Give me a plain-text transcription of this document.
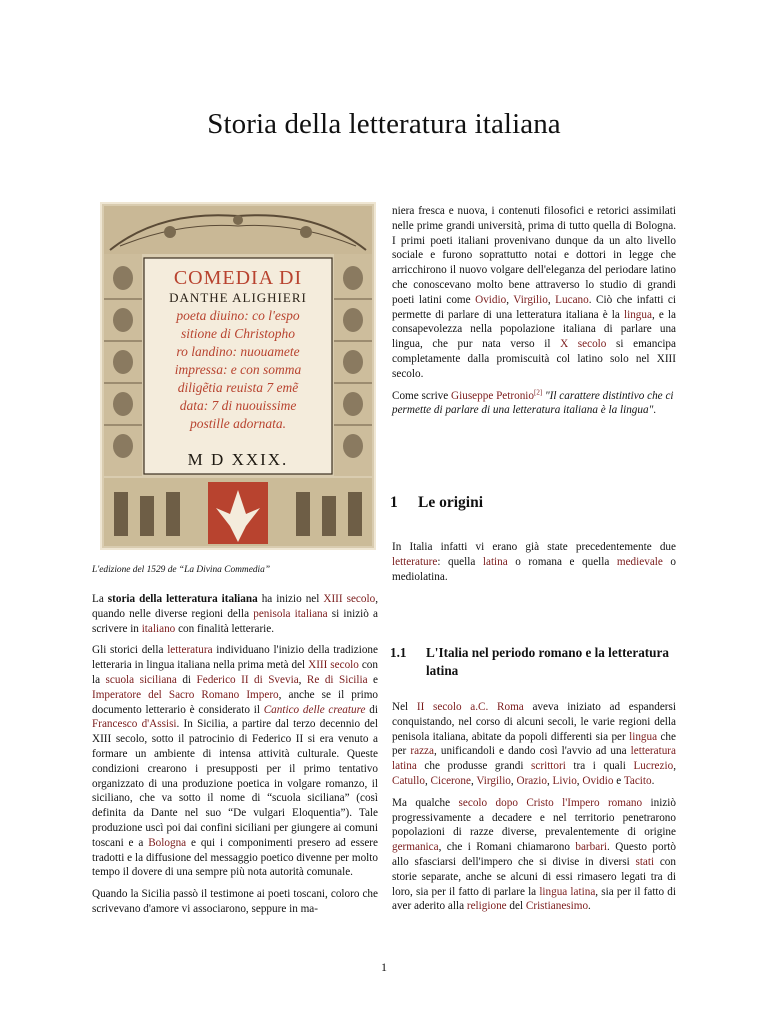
Storia della letteratura italiana
COMEDIA DI
DANTHE ALIGHIERI
poeta diuino: co l'espo
sitione di Christopho
ro landino: nuouamete
impressa: e con somma
diligẽtia reuista 7 emẽ
data: 7 di nuouissime
postille adornata.
M D XXIX.
L'edizione del 1529 de “La Divina Commedia”

La storia della letteratura italiana ha inizio nel XIII secolo, quando nelle diverse regioni della penisola italiana si iniziò a scrivere in italiano con finalità letterarie.

Gli storici della letteratura individuano l'inizio della tradizione letteraria in lingua italiana nella prima metà del XIII secolo con la scuola siciliana di Federico II di Svevia, Re di Sicilia e Imperatore del Sacro Romano Impero, anche se il primo documento letterario è considerato il Cantico delle creature di Francesco d'Assisi. In Sicilia, a partire dal terzo decennio del XIII secolo, sotto il patrocinio di Federico II si era venuto a formare un ambiente di intensa attività culturale. Queste condizioni crearono i presupposti per il primo tentativo organizzato di una produzione poetica in volgare romanzo, il siciliano, che va sotto il nome di “scuola siciliana” (così definita da Dante nel suo “De vulgari Eloquentia”). Tale produzione uscì poi dai confini siciliani per giungere ai comuni toscani e a Bologna e qui i componimenti presero ad essere tradotti e la diffusione del messaggio poetico divenne per molto tempo il dovere di una sempre più nota autorità comunale.

Quando la Sicilia passò il testimone ai poeti toscani, coloro che scrivevano d'amore vi associarono, seppure in ma-

niera fresca e nuova, i contenuti filosofici e retorici assimilati nelle prime grandi università, prima di tutto quella di Bologna. I primi poeti italiani provenivano dunque da un alto livello sociale e furono soprattutto notai e dottori in legge che arricchirono il nuovo volgare dell'eleganza del periodare latino che conoscevano molto bene attraverso lo studio di grandi poeti latini come Ovidio, Virgilio, Lucano. Ciò che infatti ci permette di parlare di una letteratura italiana è la lingua, e la consapevolezza nella popolazione italiana di parlare una lingua, che pur nata verso il X secolo si emancipa completamente dalla promiscuità col latino solo nel XIII secolo.

Come scrive Giuseppe Petronio[2] "Il carattere distintivo che ci permette di parlare di una letteratura italiana è la lingua".

1 Le origini

In Italia infatti vi erano già state precedentemente due letterature: quella latina o romana e quella medievale o mediolatina.

1.1	L'Italia nel periodo romano e la letteratura latina

Nel II secolo a.C. Roma aveva iniziato ad espandersi conquistando, nel corso di alcuni secoli, le varie regioni della penisola italiana, abitate da popoli differenti sia per lingua che per razza, unificandoli e dando così l'avvio ad una letteratura latina che produsse grandi scrittori tra i quali Lucrezio, Catullo, Cicerone, Virgilio, Orazio, Livio, Ovidio e Tacito.

Ma qualche secolo dopo Cristo l'Impero romano iniziò progressivamente a decadere e nel territorio penetrarono popolazioni di razze diverse, prevalentemente di origine germanica, che i Romani chiamarono barbari. Questo portò allo sfasciarsi dell'impero che si divise in diversi stati con storie separate, anche se alcuni di essi rimasero legati tra di loro, sia per il fatto di parlare la lingua latina, sia per il fatto di aver aderito alla religione del Cristianesimo.

1
